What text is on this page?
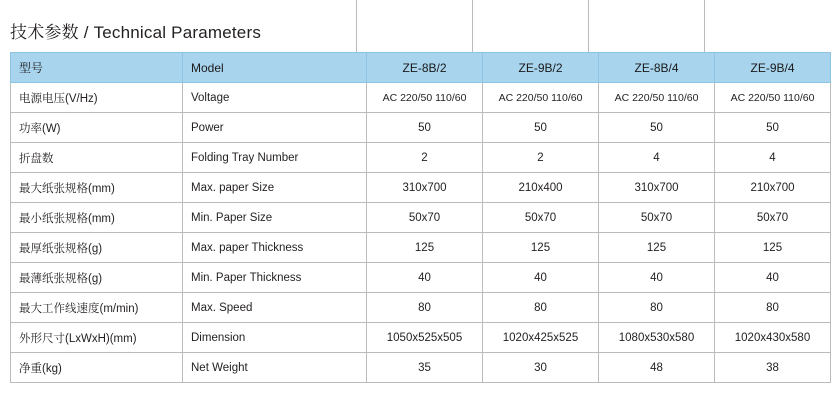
技术参数 / Technical Parameters
型号	Model	ZE-8B/2	ZE-9B/2	ZE-8B/4	ZE-9B/4
电源电压(V/Hz)	Voltage	AC 220/50 110/60	AC 220/50 110/60	AC 220/50 110/60	AC 220/50 110/60
功率(W)	Power	50	50	50	50
折盘数	Folding Tray Number	2	2	4	4
最大纸张规格(mm)	Max. paper Size	310x700	210x400	310x700	210x700
最小纸张规格(mm)	Min. Paper Size	50x70	50x70	50x70	50x70
最厚纸张规格(g)	Max. paper Thickness	125	125	125	125
最薄纸张规格(g)	Min. Paper Thickness	40	40	40	40
最大工作线速度(m/min)	Max. Speed	80	80	80	80
外形尺寸(LxWxH)(mm)	Dimension	1050x525x505	1020x425x525	1080x530x580	1020x430x580
净重(kg)	Net Weight	35	30	48	38
